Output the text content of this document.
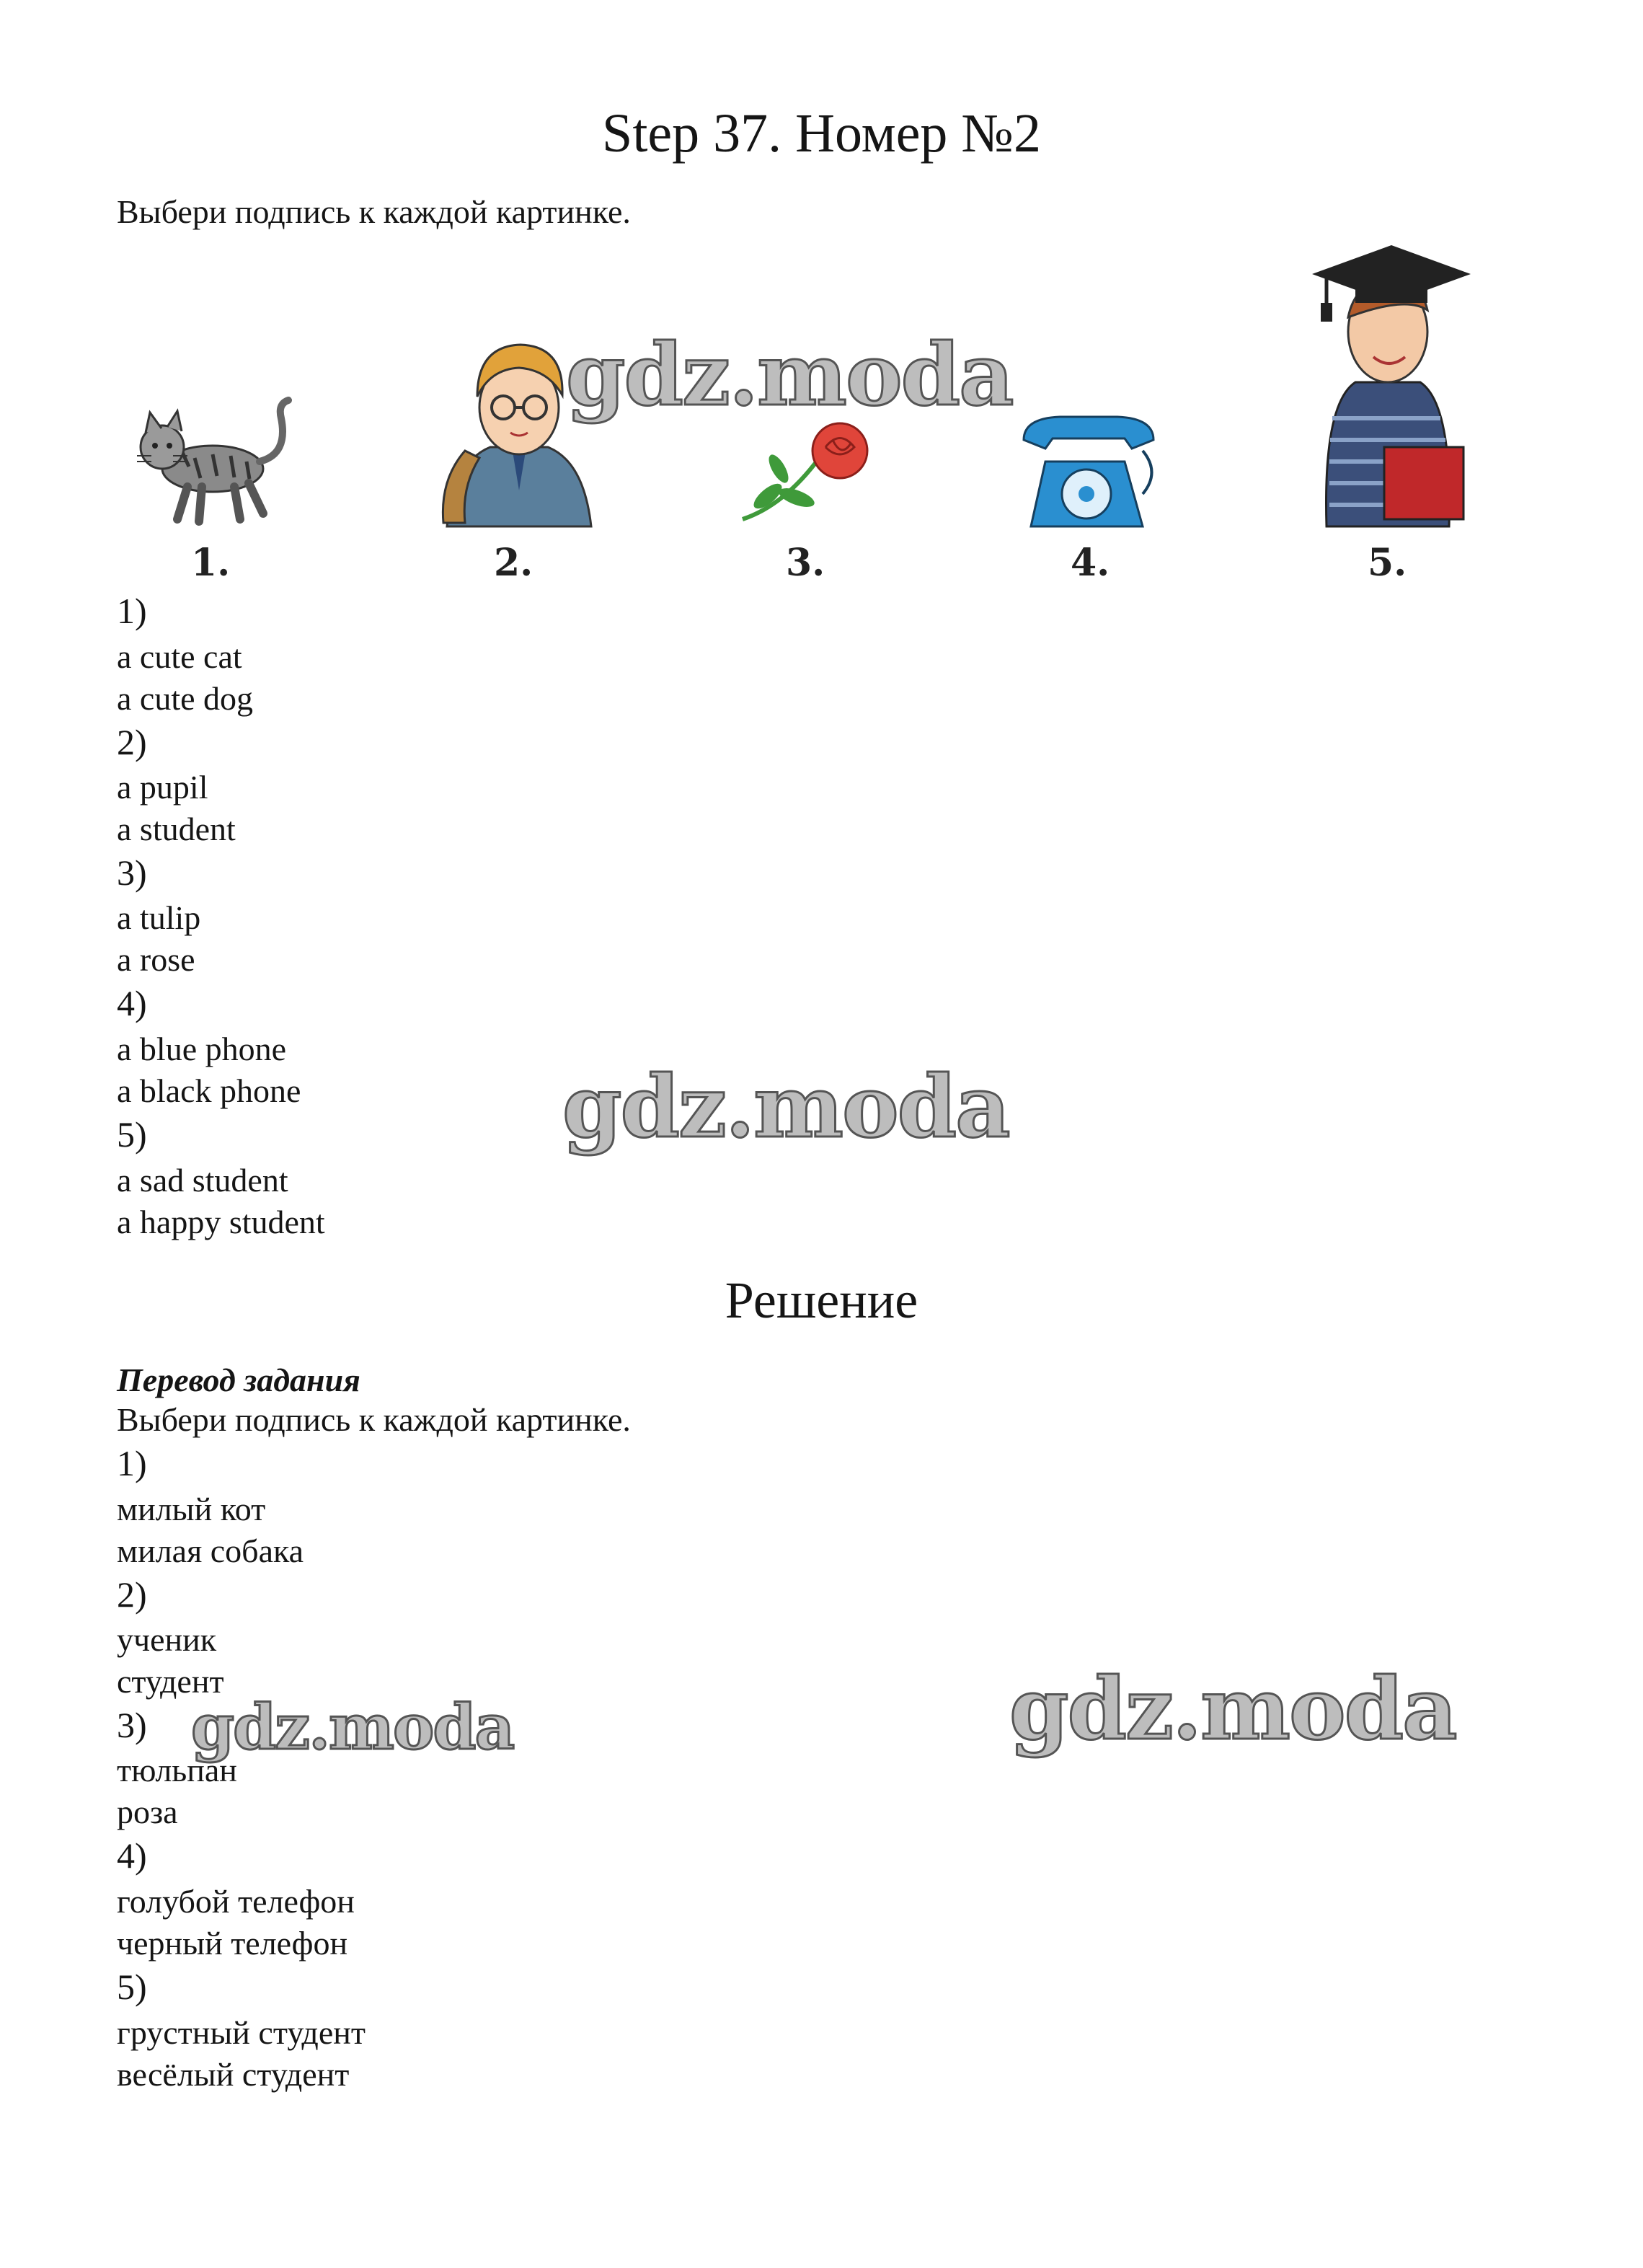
Step 37. Номер №2
Выбери подпись к каждой картинке.
1.	2.	3.	4.	5.
1)
a cute cat
a cute dog
2)
a pupil
a student
3)
a tulip
a rose
4)
a blue phone
a black phone
5)
a sad student
a happy student
Решение
Перевод задания
Выбери подпись к каждой картинке.
1)
милый кот
милая собака
2)
ученик
студент
3)
тюльпан
роза
4)
голубой телефон
черный телефон
5)
грустный студент
весёлый студент
gdz.moda
gdz.moda
gdz.moda	gdz.moda
